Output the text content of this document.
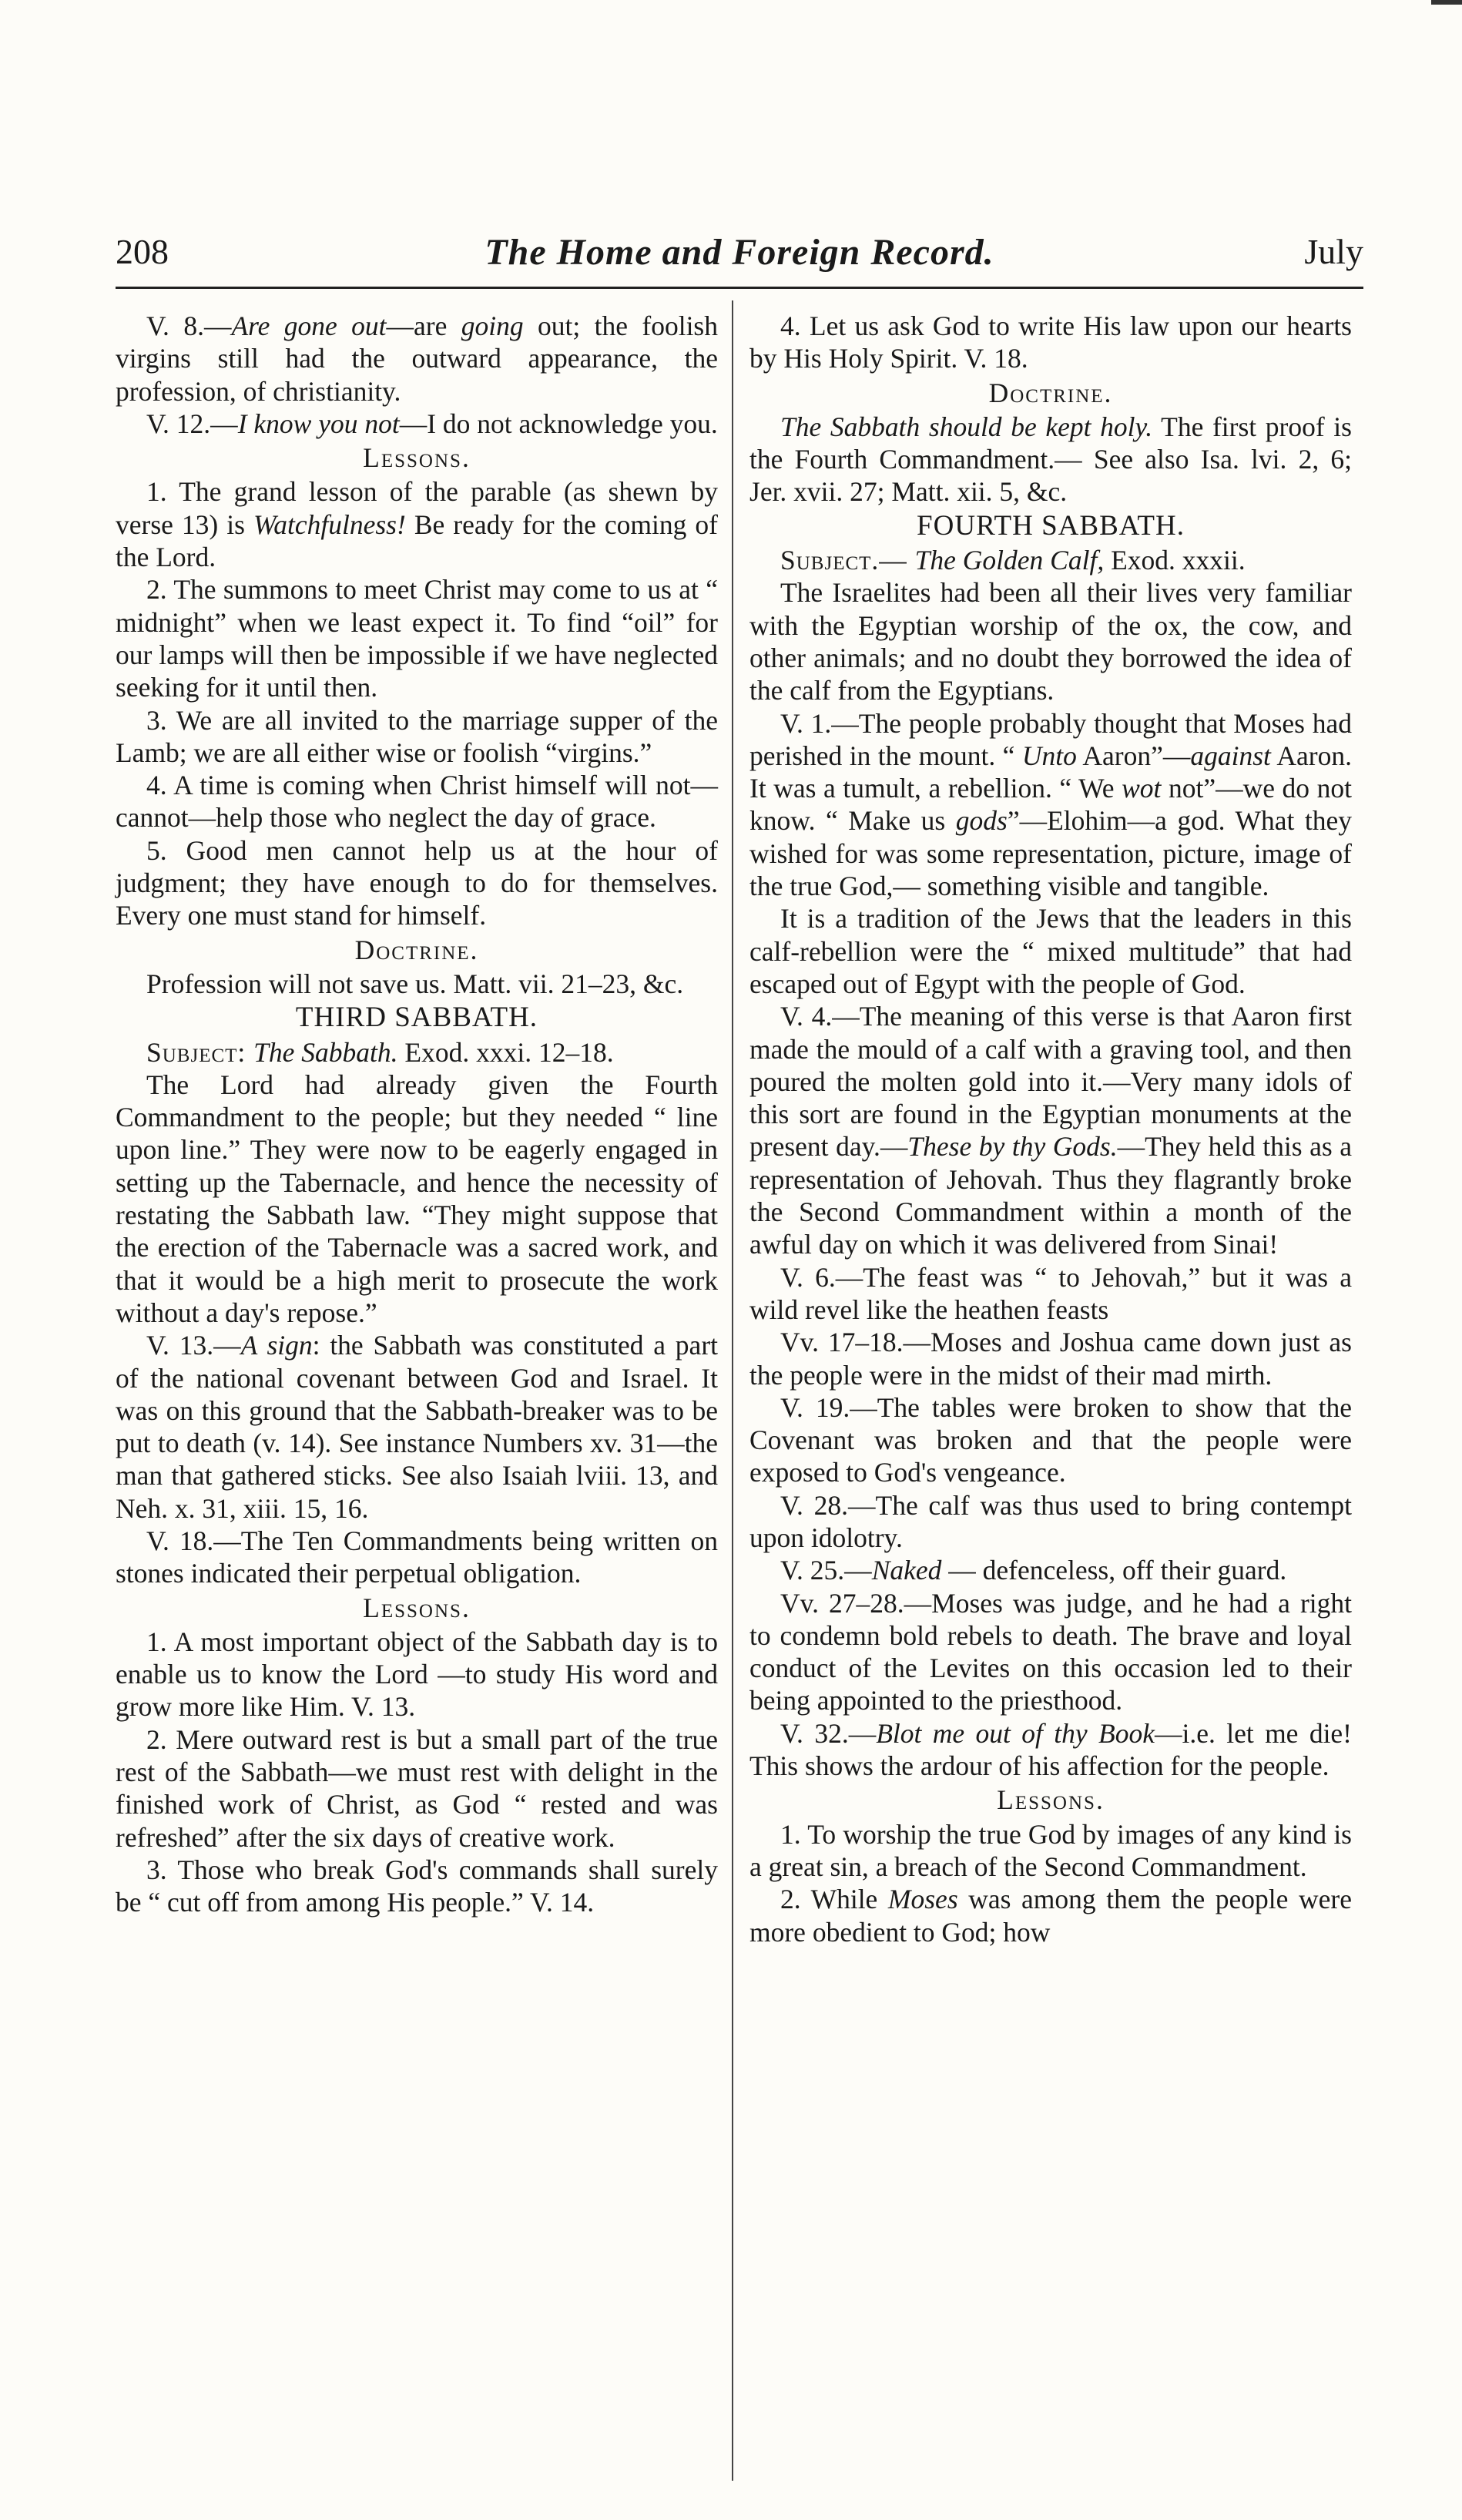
208	The Home and Foreign Record.	July

V. 8.—Are gone out—are going out; the foolish virgins still had the outward appearance, the profession, of christianity.

V. 12.—I know you not—I do not acknowledge you.

Lessons.

1. The grand lesson of the parable (as shewn by verse 13) is Watchfulness! Be ready for the coming of the Lord.

2. The summons to meet Christ may come to us at “ midnight” when we least expect it. To find “oil” for our lamps will then be impossible if we have neglected seeking for it until then.

3. We are all invited to the marriage supper of the Lamb; we are all either wise or foolish “virgins.”

4. A time is coming when Christ himself will not—cannot—help those who neglect the day of grace.

5. Good men cannot help us at the hour of judgment; they have enough to do for themselves. Every one must stand for himself.

Doctrine.

Profession will not save us. Matt. vii. 21–23, &c.

THIRD SABBATH.

Subject: The Sabbath. Exod. xxxi. 12–18.

The Lord had already given the Fourth Commandment to the people; but they needed “ line upon line.” They were now to be eagerly engaged in setting up the Tabernacle, and hence the necessity of restating the Sabbath law. “They might suppose that the erection of the Tabernacle was a sacred work, and that it would be a high merit to prosecute the work without a day's repose.”

V. 13.—A sign: the Sabbath was constituted a part of the national covenant between God and Israel. It was on this ground that the Sabbath-breaker was to be put to death (v. 14). See instance Numbers xv. 31—the man that gathered sticks. See also Isaiah lviii. 13, and Neh. x. 31, xiii. 15, 16.

V. 18.—The Ten Commandments being written on stones indicated their perpetual obligation.

Lessons.

1. A most important object of the Sabbath day is to enable us to know the Lord —to study His word and grow more like Him. V. 13.

2. Mere outward rest is but a small part of the true rest of the Sabbath—we must rest with delight in the finished work of Christ, as God “ rested and was refreshed” after the six days of creative work.

3. Those who break God's commands shall surely be “ cut off from among His people.” V. 14.

4. Let us ask God to write His law upon our hearts by His Holy Spirit. V. 18.

Doctrine.

The Sabbath should be kept holy. The first proof is the Fourth Commandment.— See also Isa. lvi. 2, 6; Jer. xvii. 27; Matt. xii. 5, &c.

FOURTH SABBATH.

Subject.— The Golden Calf, Exod. xxxii.

The Israelites had been all their lives very familiar with the Egyptian worship of the ox, the cow, and other animals; and no doubt they borrowed the idea of the calf from the Egyptians.

V. 1.—The people probably thought that Moses had perished in the mount. “ Unto Aaron”—against Aaron. It was a tumult, a rebellion. “ We wot not”—we do not know. “ Make us gods”—Elohim—a god. What they wished for was some representation, picture, image of the true God,— something visible and tangible.

It is a tradition of the Jews that the leaders in this calf-rebellion were the “ mixed multitude” that had escaped out of Egypt with the people of God.

V. 4.—The meaning of this verse is that Aaron first made the mould of a calf with a graving tool, and then poured the molten gold into it.—Very many idols of this sort are found in the Egyptian monuments at the present day.—These by thy Gods.—They held this as a representation of Jehovah. Thus they flagrantly broke the Second Commandment within a month of the awful day on which it was delivered from Sinai!

V. 6.—The feast was “ to Jehovah,” but it was a wild revel like the heathen feasts

Vv. 17–18.—Moses and Joshua came down just as the people were in the midst of their mad mirth.

V. 19.—The tables were broken to show that the Covenant was broken and that the people were exposed to God's vengeance.

V. 28.—The calf was thus used to bring contempt upon idolotry.

V. 25.—Naked — defenceless, off their guard.

Vv. 27–28.—Moses was judge, and he had a right to condemn bold rebels to death. The brave and loyal conduct of the Levites on this occasion led to their being appointed to the priesthood.

V. 32.—Blot me out of thy Book—i.e. let me die! This shows the ardour of his affection for the people.

Lessons.

1. To worship the true God by images of any kind is a great sin, a breach of the Second Commandment.

2. While Moses was among them the people were more obedient to God; how
